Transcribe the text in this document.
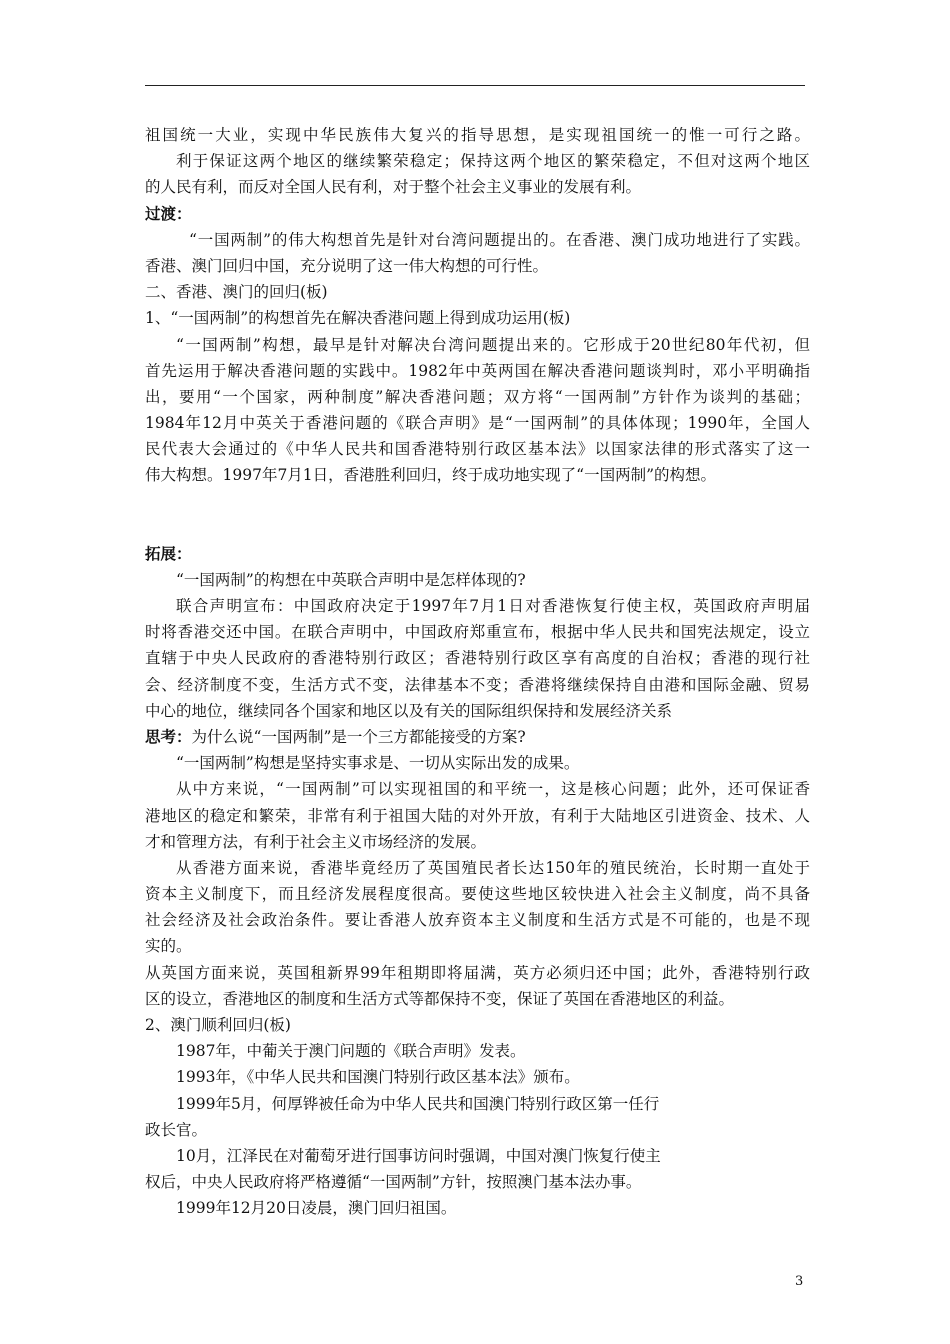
祖国统一大业，实现中华民族伟大复兴的指导思想，是实现祖国统一的惟一可行之路。
利于保证这两个地区的继续繁荣稳定；保持这两个地区的繁荣稳定，不但对这两个地区
的人民有利，而反对全国人民有利，对于整个社会主义事业的发展有利。
过渡：
“一国两制”的伟大构想首先是针对台湾问题提出的。在香港、澳门成功地进行了实践。
香港、澳门回归中国，充分说明了这一伟大构想的可行性。
二、香港、澳门的回归(板)
1、“一国两制”的构想首先在解决香港问题上得到成功运用(板)
“一国两制”构想，最早是针对解决台湾问题提出来的。它形成于20世纪80年代初，但
首先运用于解决香港问题的实践中。1982年中英两国在解决香港问题谈判时，邓小平明确指
出，要用“一个国家，两种制度”解决香港问题；双方将“一国两制”方针作为谈判的基础；
1984年12月中英关于香港问题的《联合声明》是“一国两制”的具体体现；1990年，全国人
民代表大会通过的《中华人民共和国香港特别行政区基本法》以国家法律的形式落实了这一
伟大构想。1997年7月1日，香港胜利回归，终于成功地实现了“一国两制”的构想。
拓展：
“一国两制”的构想在中英联合声明中是怎样体现的?
联合声明宣布：中国政府决定于1997年7月1日对香港恢复行使主权，英国政府声明届
时将香港交还中国。在联合声明中，中国政府郑重宣布，根据中华人民共和国宪法规定，设立
直辖于中央人民政府的香港特别行政区；香港特别行政区享有高度的自治权；香港的现行社
会、经济制度不变，生活方式不变，法律基本不变；香港将继续保持自由港和国际金融、贸易
中心的地位，继续同各个国家和地区以及有关的国际组织保持和发展经济关系
思考：为什么说“一国两制”是一个三方都能接受的方案?
“一国两制”构想是坚持实事求是、一切从实际出发的成果。
从中方来说，“一国两制”可以实现祖国的和平统一，这是核心问题；此外，还可保证香
港地区的稳定和繁荣，非常有利于祖国大陆的对外开放，有利于大陆地区引进资金、技术、人
才和管理方法，有利于社会主义市场经济的发展。
从香港方面来说，香港毕竟经历了英国殖民者长达150年的殖民统治，长时期一直处于
资本主义制度下，而且经济发展程度很高。要使这些地区较快进入社会主义制度，尚不具备
社会经济及社会政治条件。要让香港人放弃资本主义制度和生活方式是不可能的，也是不现
实的。
从英国方面来说，英国租新界99年租期即将届满，英方必须归还中国；此外，香港特别行政
区的设立，香港地区的制度和生活方式等都保持不变，保证了英国在香港地区的利益。
2、澳门顺利回归(板)
1987年，中葡关于澳门问题的《联合声明》发表。
1993年，《中华人民共和国澳门特别行政区基本法》颁布。
1999年5月，何厚铧被任命为中华人民共和国澳门特别行政区第一任行
政长官。
10月，江泽民在对葡萄牙进行国事访问时强调，中国对澳门恢复行使主
权后，中央人民政府将严格遵循“一国两制”方针，按照澳门基本法办事。
1999年12月20日凌晨，澳门回归祖国。
3
